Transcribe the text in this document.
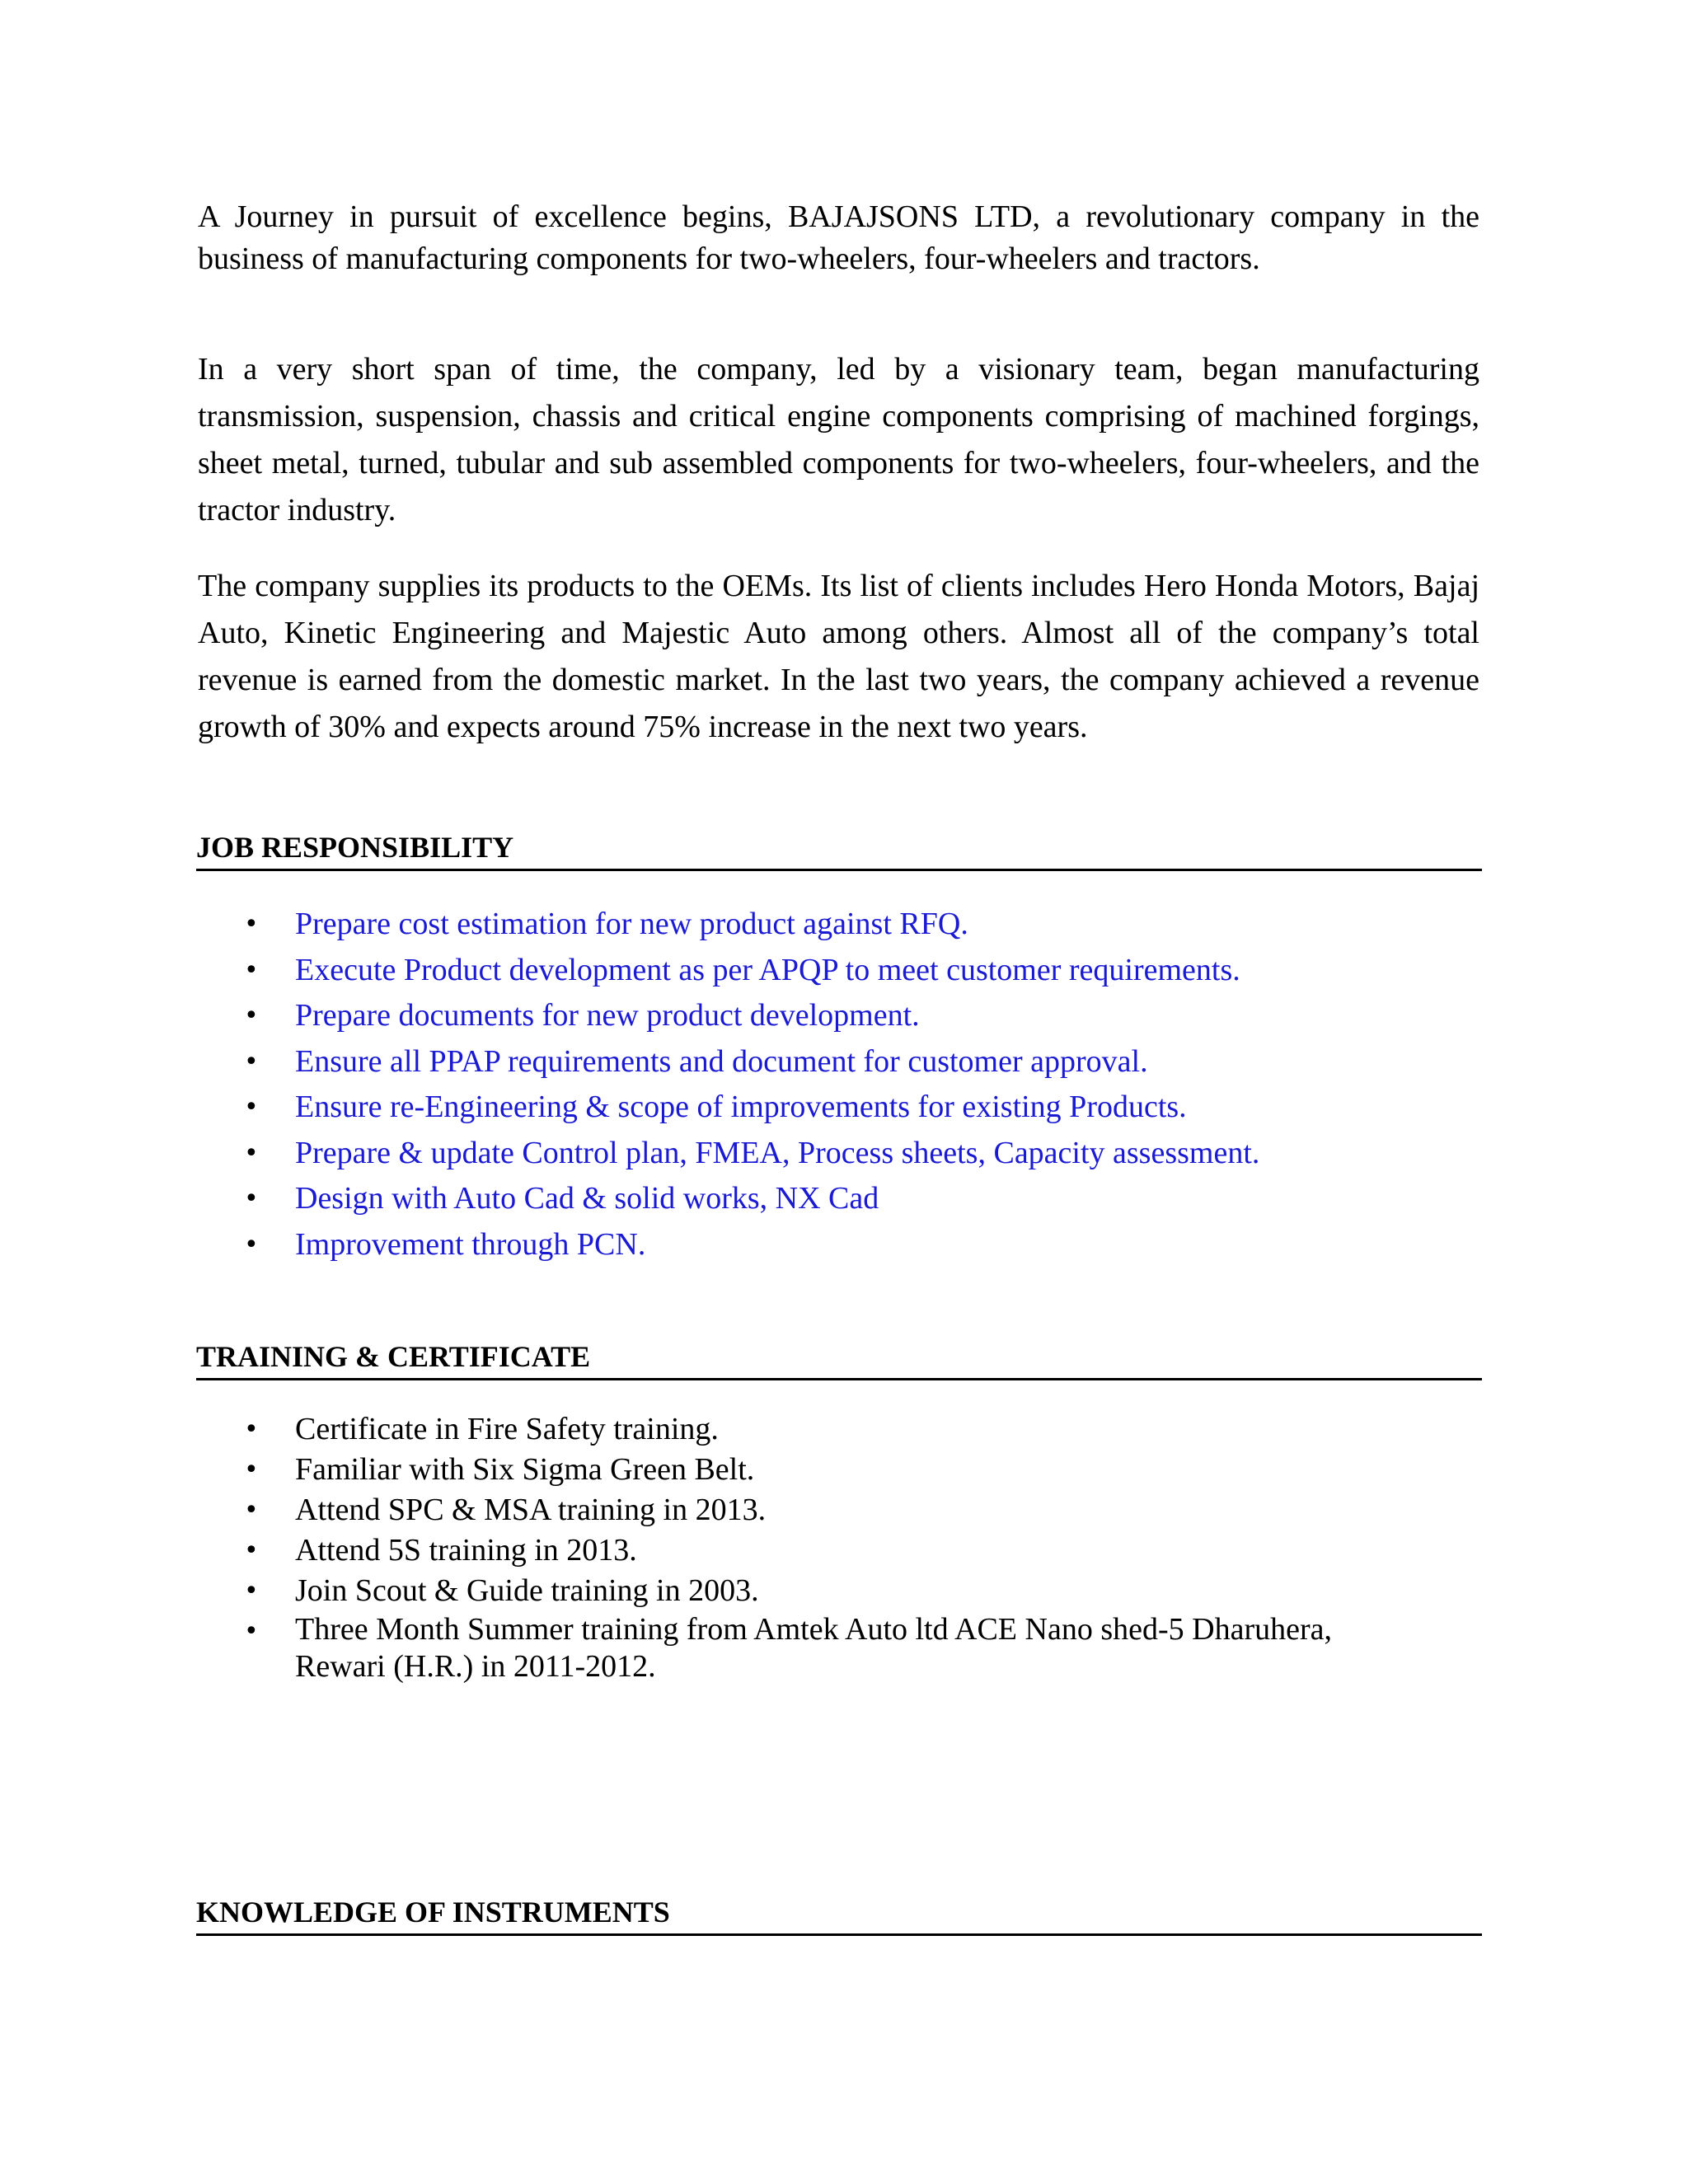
A Journey in pursuit of excellence begins, BAJAJSONS LTD, a revolutionary company in the business of manufacturing components for two-wheelers, four-wheelers and tractors.

In a very short span of time, the company, led by a visionary team, began manufacturing transmission, suspension, chassis and critical engine components comprising of machined forgings, sheet metal, turned, tubular and sub assembled components for two-wheelers, four-wheelers, and the tractor industry.

The company supplies its products to the OEMs. Its list of clients includes Hero Honda Motors, Bajaj Auto, Kinetic Engineering and Majestic Auto among others. Almost all of the company’s total revenue is earned from the domestic market. In the last two years, the company achieved a revenue growth of 30% and expects around 75% increase in the next two years.

JOB RESPONSIBILITY
• Prepare cost estimation for new product against RFQ.
• Execute Product development as per APQP to meet customer requirements.
• Prepare documents for new product development.
• Ensure all PPAP requirements and document for customer approval.
• Ensure re-Engineering & scope of improvements for existing Products.
• Prepare & update Control plan, FMEA, Process sheets, Capacity assessment.
• Design with Auto Cad & solid works, NX Cad
• Improvement through PCN.
TRAINING & CERTIFICATE
• Certificate in Fire Safety training.
• Familiar with Six Sigma Green Belt.
• Attend SPC & MSA training in 2013.
• Attend 5S training in 2013.
• Join Scout & Guide training in 2003.
• Three Month Summer training from Amtek Auto ltd ACE Nano shed-5 Dharuhera, Rewari (H.R.) in 2011-2012.
KNOWLEDGE OF INSTRUMENTS
